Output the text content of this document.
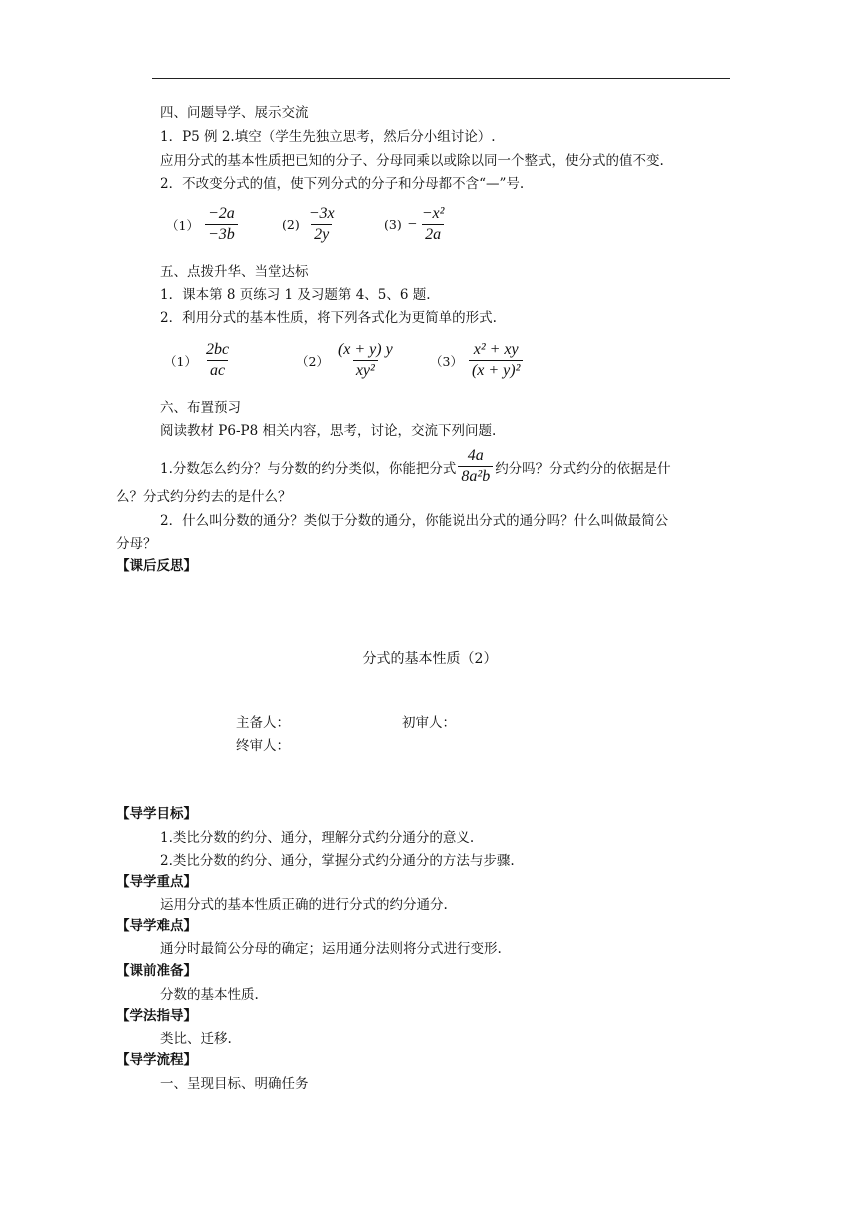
四、问题导学、展示交流
1．P5 例 2.填空（学生先独立思考，然后分小组讨论）.
应用分式的基本性质把已知的分子、分母同乘以或除以同一个整式，使分式的值不变.
2．不改变分式的值，使下列分式的分子和分母都不含“—”号.
$(1) \frac{-2a}{-3b}$	$(2) \frac{-3x}{2y}$	$(3) - \frac{\text{−x²}}{2a}$
五、点拨升华、当堂达标
1．课本第 8 页练习 1 及习题第 4、5、6 题.
2．利用分式的基本性质，将下列各式化为更简单的形式.
$(1) \frac{2bc}{ac}$	$(2) \frac{(x + y) y}{\text{xy²}}$	$(3) \frac{\text{x² + xy}}{\text{(x + y)²}}$
六、布置预习
阅读教材 P6-P8 相关内容，思考，讨论，交流下列问题.
1.分数怎么约分？与分数的约分类似，你能把分式 $\frac{4a}{\text{8a²b}}$ 约分吗？分式约分的依据是什
么？分式约分约去的是什么？
2．什么叫分数的通分？类似于分数的通分，你能说出分式的通分吗？什么叫做最简公
分母？
【课后反思】
分式的基本性质（2）
主备人：	初审人：
终审人：
【导学目标】
1.类比分数的约分、通分，理解分式约分通分的意义.
2.类比分数的约分、通分，掌握分式约分通分的方法与步骤.
【导学重点】
运用分式的基本性质正确的进行分式的约分通分.
【导学难点】
通分时最简公分母的确定；运用通分法则将分式进行变形.
【课前准备】
分数的基本性质.
【学法指导】
类比、迁移.
【导学流程】
一、呈现目标、明确任务
